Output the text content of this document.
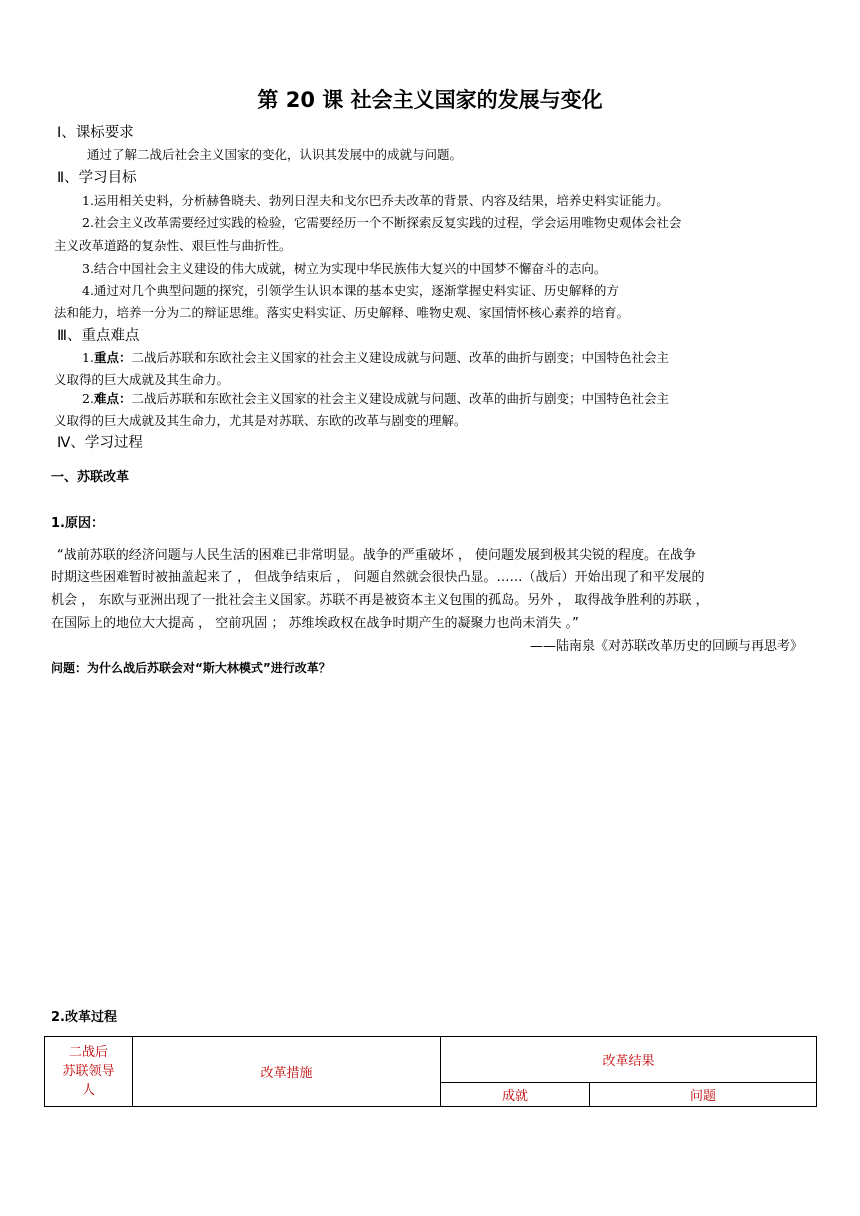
第 20 课 社会主义国家的发展与变化
Ⅰ、课标要求
通过了解二战后社会主义国家的变化，认识其发展中的成就与问题。
Ⅱ、学习目标
1.运用相关史料，分析赫鲁晓夫、勃列日涅夫和戈尔巴乔夫改革的背景、内容及结果，培养史料实证能力。
2.社会主义改革需要经过实践的检验，它需要经历一个不断探索反复实践的过程，学会运用唯物史观体会社会
主义改革道路的复杂性、艰巨性与曲折性。
3.结合中国社会主义建设的伟大成就，树立为实现中华民族伟大复兴的中国梦不懈奋斗的志向。
4.通过对几个典型问题的探究，引领学生认识本课的基本史实，逐渐掌握史料实证、历史解释的方
法和能力，培养一分为二的辩证思维。落实史料实证、历史解释、唯物史观、家国情怀核心素养的培育。
Ⅲ、重点难点
1.重点：二战后苏联和东欧社会主义国家的社会主义建设成就与问题、改革的曲折与剧变；中国特色社会主
义取得的巨大成就及其生命力。
2.难点：二战后苏联和东欧社会主义国家的社会主义建设成就与问题、改革的曲折与剧变；中国特色社会主
义取得的巨大成就及其生命力，尤其是对苏联、东欧的改革与剧变的理解。
Ⅳ、学习过程
一、苏联改革
1.原因：
“战前苏联的经济问题与人民生活的困难已非常明显。战争的严重破坏 ， 使问题发展到极其尖锐的程度。在战争
时期这些困难暂时被抽盖起来了 ， 但战争结束后 ， 问题自然就会很快凸显。……（战后）开始出现了和平发展的
机会 ， 东欧与亚洲出现了一批社会主义国家。苏联不再是被资本主义包围的孤岛。另外 ， 取得战争胜利的苏联 ，
在国际上的地位大大提高 ， 空前巩固 ； 苏维埃政权在战争时期产生的凝聚力也尚未消失 。”
——陆南泉《对苏联改革历史的回顾与再思考》
问题：为什么战后苏联会对“斯大林模式”进行改革？
2.改革过程
二战后
苏联领导
人	改革措施	改革结果	
		成就	问题
